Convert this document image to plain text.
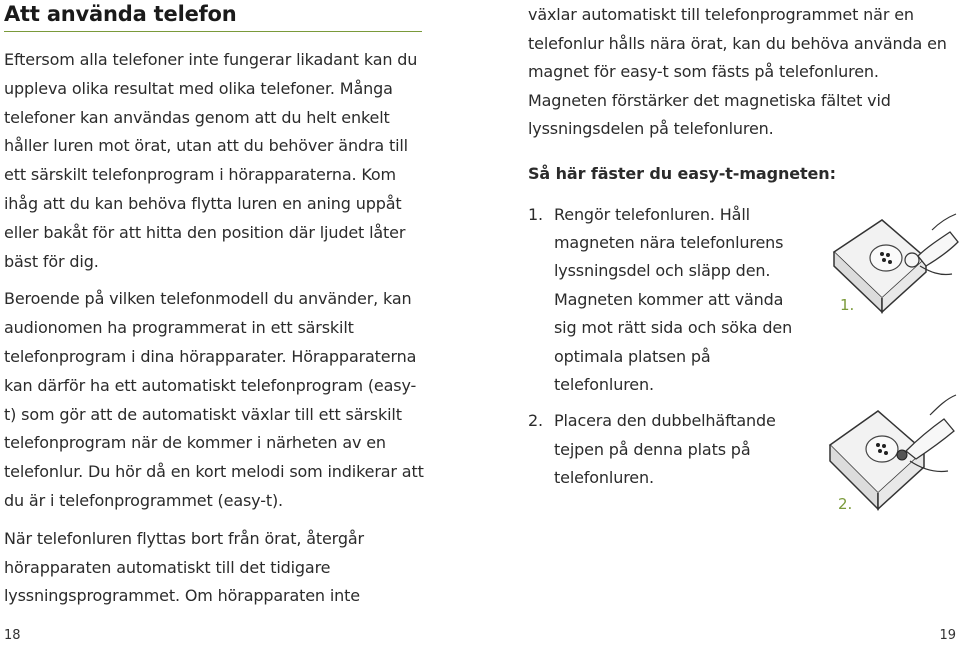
Att använda telefon

Eftersom alla telefoner inte fungerar likadant kan du uppleva olika resultat med olika telefoner. Många telefoner kan användas genom att du helt enkelt håller luren mot örat, utan att du behöver ändra till ett särskilt telefonprogram i hörapparaterna. Kom ihåg att du kan behöva flytta luren en aning uppåt eller bakåt för att hitta den position där ljudet låter bäst för dig.

Beroende på vilken telefonmodell du använder, kan audionomen ha programmerat in ett särskilt telefonprogram i dina hörapparater. Hörapparaterna kan därför ha ett automatiskt telefonprogram (easy-t) som gör att de automatiskt växlar till ett särskilt telefonprogram när de kommer i närheten av en telefonlur. Du hör då en kort melodi som indikerar att du är i telefonprogrammet (easy-t).

När telefonluren flyttas bort från örat, återgår hörapparaten automatiskt till det tidigare lyssningsprogrammet. Om hörapparaten inte

växlar automatiskt till telefonprogrammet när en telefonlur hålls nära örat, kan du behöva använda en magnet för easy-t som fästs på telefonluren. Magneten förstärker det magnetiska fältet vid lyssningsdelen på telefonluren.

Så här fäster du easy-t-magneten:
1. Rengör telefonluren. Håll magneten nära telefonlurens lyssningsdel och släpp den. Magneten kommer att vända sig mot rätt sida och söka den optimala platsen på telefonluren.
2. Placera den dubbelhäftande tejpen på denna plats på telefonluren.
1.
2.
18	19
